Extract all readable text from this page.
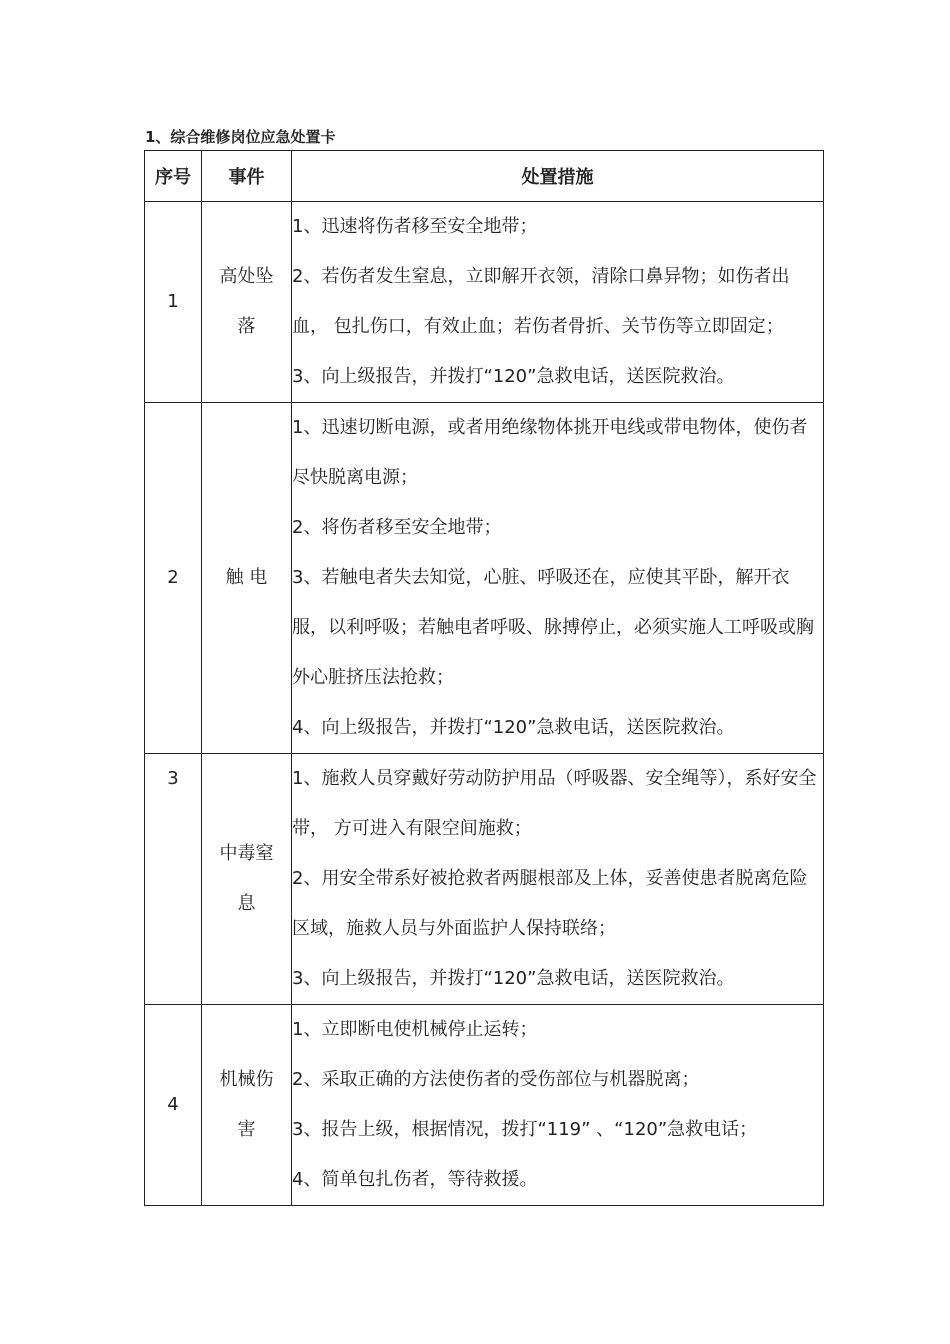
1、综合维修岗位应急处置卡
序号	事件	处置措施
1	高处坠落	1、迅速将伤者移至安全地带；

2、若伤者发生窒息，立即解开衣领，清除口鼻异物；如伤者出血， 包扎伤口，有效止血；若伤者骨折、关节伤等立即固定；

3、向上级报告，并拨打“120”急救电话，送医院救治。

2	触 电	1、迅速切断电源，或者用绝缘物体挑开电线或带电物体，使伤者尽快脱离电源；

2、将伤者移至安全地带；

3、若触电者失去知觉，心脏、呼吸还在，应使其平卧，解开衣服，以利呼吸；若触电者呼吸、脉搏停止，必须实施人工呼吸或胸外心脏挤压法抢救；

4、向上级报告，并拨打“120”急救电话，送医院救治。

3	中毒窒息	1、施救人员穿戴好劳动防护用品（呼吸器、安全绳等），系好安全带， 方可进入有限空间施救；

2、用安全带系好被抢救者两腿根部及上体，妥善使患者脱离危险区域，施救人员与外面监护人保持联络；

3、向上级报告，并拨打“120”急救电话，送医院救治。

4	机械伤害	1、立即断电使机械停止运转；

2、采取正确的方法使伤者的受伤部位与机器脱离；

3、报告上级，根据情况，拨打“119” 、“120”急救电话；

4、简单包扎伤者，等待救援。
